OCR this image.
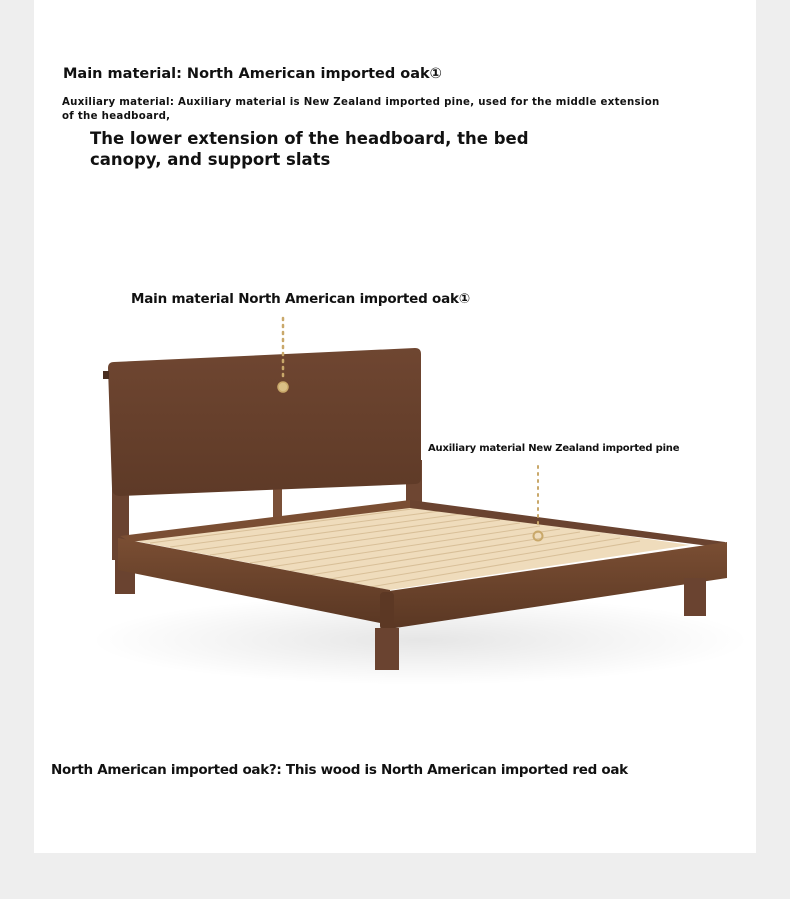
Main material: North American imported oak①
Auxiliary material: Auxiliary material is New Zealand imported pine, used for the middle extension of the headboard,
The lower extension of the headboard, the bed canopy, and support slats
Main material North American imported oak①
Auxiliary material New Zealand imported pine
North American imported oak?: This wood is North American imported red oak
